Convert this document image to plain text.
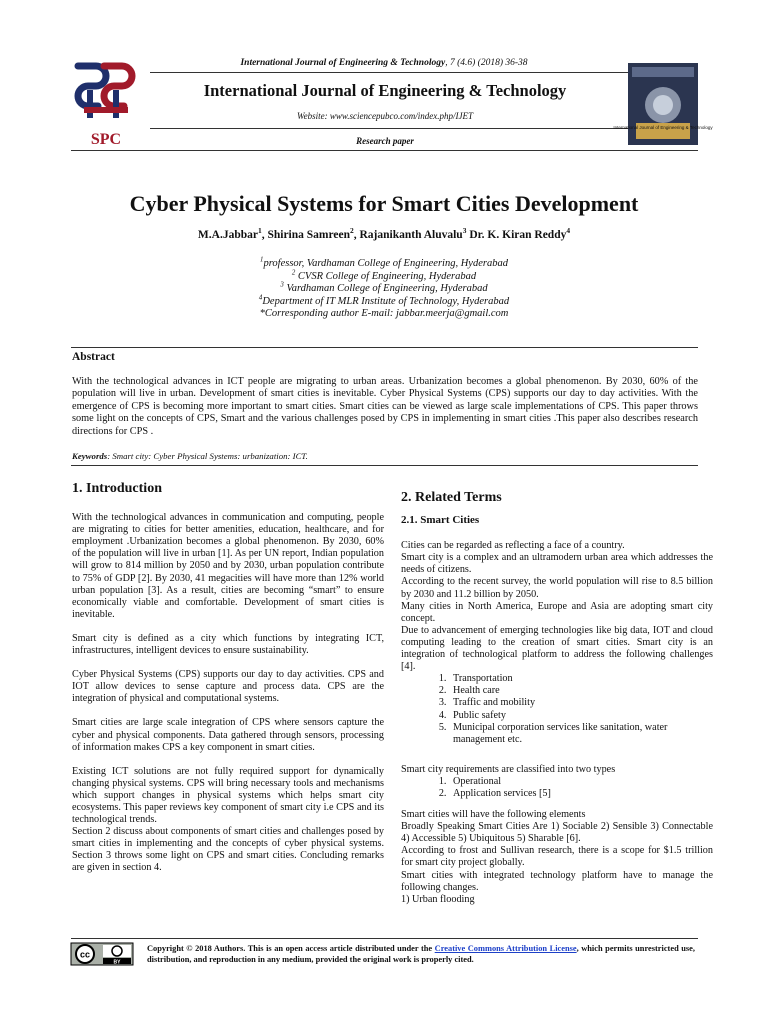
International Journal of Engineering & Technology, 7 (4.6) (2018) 36-38
SPC
International Journal of Engineering & Technology
Website: www.sciencepubco.com/index.php/IJET
Research paper
International Journal of Engineering & Technology
Cyber Physical Systems for Smart Cities Development
M.A.Jabbar$^1$, Shirina Samreen$^2$, Rajanikanth Aluvalu$^3$ Dr. K. Kiran Reddy$^4$
$^1$professor, Vardhaman College of Engineering, Hyderabad
$^2$ CVSR College of Engineering, Hyderabad
$^3$ Vardhaman College of Engineering, Hyderabad
$^4$Department of IT MLR Institute of Technology, Hyderabad
*Corresponding author E-mail: jabbar.meerja@gmail.com
Abstract
With the technological advances in ICT people are migrating to urban areas. Urbanization becomes a global phenomenon. By 2030, 60% of the population will live in urban. Development of smart cities is inevitable. Cyber Physical Systems (CPS) supports our day to day activities. With the emergence of CPS is becoming more important to smart cities. Smart cities can be viewed as large scale implementations of CPS. This paper throws some light on the concepts of CPS, Smart and the various challenges posed by CPS in implementing in smart cities .This paper also describes research directions for CPS .
Keywords: Smart city: Cyber Physical Systems: urbanization: ICT.
1. Introduction

With the technological advances in communication and computing, people are migrating to cities for better amenities, education, healthcare, and for employment .Urbanization becomes a global phenomenon. By 2030, 60% of the population will live in urban [1]. As per UN report, Indian population will grow to 814 million by 2050 and by 2030, urban population contribute to 75% of GDP [2]. By 2030, 41 megacities will have more than 12% world urban population [3]. As a result, cities are becoming “smart” to ensure economically viable and comfortable. Development of smart cities is inevitable.

Smart city is defined as a city which functions by integrating ICT, infrastructures, intelligent devices to ensure sustainability.

Cyber Physical Systems (CPS) supports our day to day activities. CPS and IOT allow devices to sense capture and process data. CPS are the integration of physical and computational systems.

Smart cities are large scale integration of CPS where sensors capture the cyber and physical components. Data gathered through sensors, processing of information makes CPS a key component in smart cities.

Existing ICT solutions are not fully required support for dynamically changing physical systems. CPS will bring necessary tools and mechanisms which support changes in physical systems which helps smart city ecosystems. This paper reviews key component of smart city i.e CPS and its technological trends.

Section 2 discuss about components of smart cities and challenges posed by smart cities in implementing and the concepts of cyber physical systems. Section 3 throws some light on CPS and smart cities. Concluding remarks are given in section 4.

2. Related Terms
2.1. Smart Cities
Cities can be regarded as reflecting a face of a country.
Smart city is a complex and an ultramodern urban area which addresses the needs of citizens.
According to the recent survey, the world population will rise to 8.5 billion by 2030 and 11.2 billion by 2050.
Many cities in North America, Europe and Asia are adopting smart city concept.
Due to advancement of emerging technologies like big data, IOT and cloud computing leading to the creation of smart cities. Smart city is an integration of technological platform to address the following challenges [4].
1. Transportation
2. Health care
3. Traffic and mobility
4. Public safety
5. Municipal corporation services like sanitation, water management etc.
Smart city requirements are classified into two types
1. Operational
2. Application services [5]
Smart cities will have the following elements
Broadly Speaking Smart Cities Are 1) Sociable 2) Sensible 3) Connectable 4) Accessible 5) Ubiquitous 5) Sharable [6].
According to frost and Sullivan research, there is a scope for $1.5 trillion for smart city project globally.
Smart cities with integrated technology platform have to manage the following changes.
1) Urban flooding
cc
BY
Copyright © 2018 Authors. This is an open access article distributed under the Creative Commons Attribution License, which permits unrestricted use, distribution, and reproduction in any medium, provided the original work is properly cited.
